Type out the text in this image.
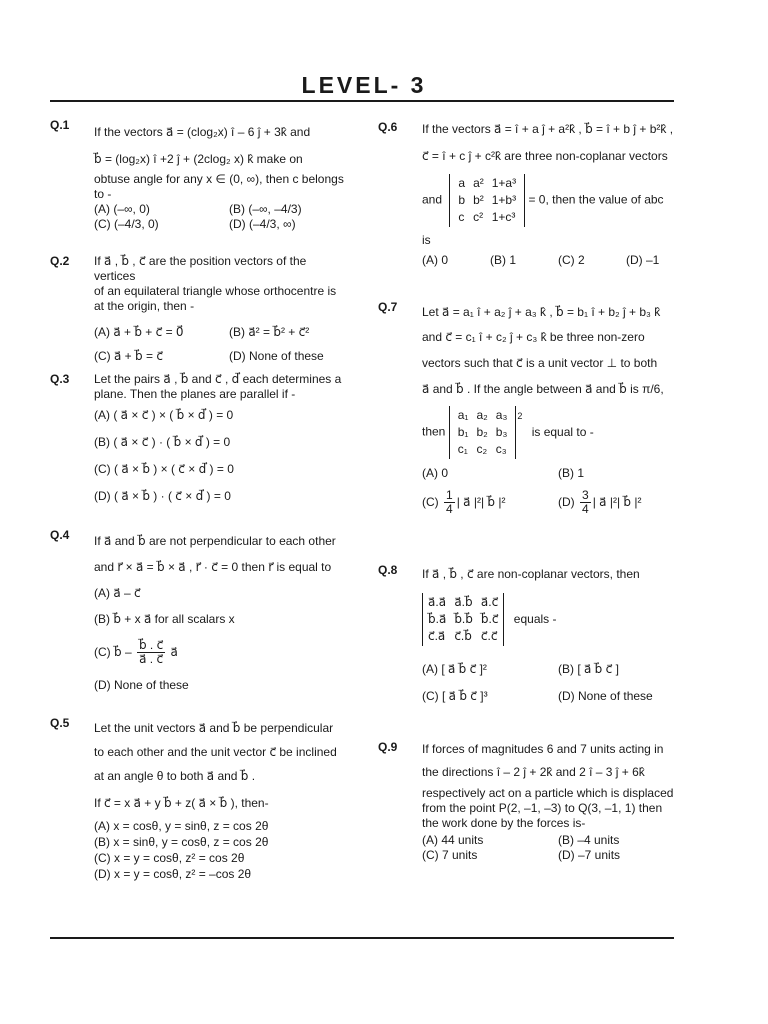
LEVEL- 3
Q.1 If the vectors a⃗ = (clog₂x) î – 6 ĵ + 3k̂ and
b⃗ = (log₂x) î +2 ĵ + (2clog₂ x) k̂ make on
obtuse angle for any x ∈ (0, ∞), then c belongs
to -
(A) (–∞, 0)	(B) (–∞, –4/3)
(C) (–4/3, 0)	(D) (–4/3, ∞)
Q.2 If a⃗ , b⃗ , c⃗ are the position vectors of the vertices
of an equilateral triangle whose orthocentre is
at the origin, then -
(A) a⃗ + b⃗ + c⃗ = 0⃗	(B) a⃗² = b⃗² + c⃗²
(C) a⃗ + b⃗ = c⃗	(D) None of these
Q.3 Let the pairs a⃗ , b⃗ and c⃗ , d⃗ each determines a
plane. Then the planes are parallel if -
(A) ( a⃗ × c⃗ ) × ( b⃗ × d⃗ ) = 0
(B) ( a⃗ × c⃗ ) · ( b⃗ × d⃗ ) = 0
(C) ( a⃗ × b⃗ ) × ( c⃗ × d⃗ ) = 0
(D) ( a⃗ × b⃗ ) · ( c⃗ × d⃗ ) = 0
Q.4 If a⃗ and b⃗ are not perpendicular to each other
and r⃗ × a⃗ = b⃗ × a⃗ , r⃗ · c⃗ = 0 then r⃗ is equal to
(A) a⃗ – c⃗
(B) b⃗ + x a⃗ for all scalars x
(C) b⃗ – $\frac{b⃗ . c⃗}{a⃗ . c⃗}$ a⃗
(D) None of these
Q.5 Let the unit vectors a⃗ and b⃗ be perpendicular
to each other and the unit vector c⃗ be inclined
at an angle θ to both a⃗ and b⃗ .
If c⃗ = x a⃗ + y b⃗ + z( a⃗ × b⃗ ), then-
(A) x = cosθ, y = sinθ, z = cos 2θ
(B) x = sinθ, y = cosθ, z = cos 2θ
(C) x = y = cosθ, z² = cos 2θ
(D) x = y = cosθ, z² = –cos 2θ
Q.6 If the vectors a⃗ = î + a ĵ + a²k̂ , b⃗ = î + b ĵ + b²k̂ ,
c⃗ = î + c ĵ + c²k̂ are three non-coplanar vectors
and
a	a²	1+a³
b	b²	1+b³
c	c²	1+c³
= 0, then the value of abc
is
(A) 0	(B) 1	(C) 2	(D) –1
Q.7 Let a⃗ = a₁ î + a₂ ĵ + a₃ k̂ , b⃗ = b₁ î + b₂ ĵ + b₃ k̂
and c⃗ = c₁ î + c₂ ĵ + c₃ k̂ be three non-zero
vectors such that c⃗ is a unit vector ⊥ to both
a⃗ and b⃗ . If the angle between a⃗ and b⃗ is π/6,
then
a₁	a₂	a₃
b₁	b₂	b₃
c₁	c₂	c₃
$^2$
is equal to -
(A) 0	(B) 1
$(C) \frac{1}{4}$ | a⃗ |²| b⃗ |²	$(D) \frac{3}{4}$ | a⃗ |²| b⃗ |²
Q.8 If a⃗ , b⃗ , c⃗ are non-coplanar vectors, then
a⃗.a⃗	a⃗.b⃗	a⃗.c⃗
b⃗.a⃗	b⃗.b⃗	b⃗.c⃗
c⃗.a⃗	c⃗.b⃗	c⃗.c⃗
equals -
(A) [ a⃗ b⃗ c⃗ ]²	(B) [ a⃗ b⃗ c⃗ ]
(C) [ a⃗ b⃗ c⃗ ]³	(D) None of these
Q.9 If forces of magnitudes 6 and 7 units acting in
the directions î – 2 ĵ + 2k̂ and 2 î – 3 ĵ + 6k̂
respectively act on a particle which is displaced
from the point P(2, –1, –3) to Q(3, –1, 1) then
the work done by the forces is-
(A) 44 units	(B) –4 units
(C) 7 units	(D) –7 units
